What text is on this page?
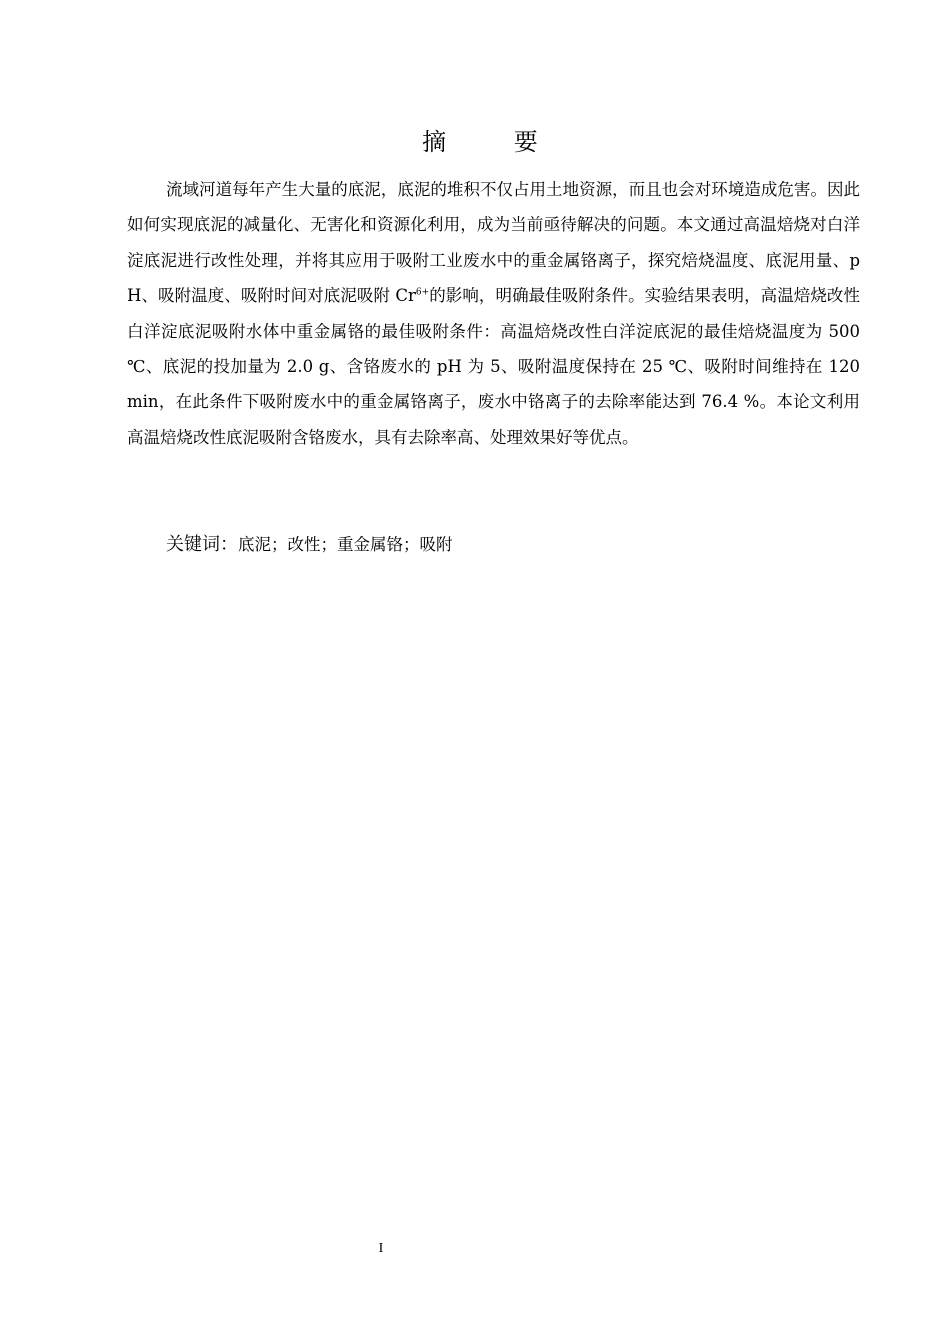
摘 要

流域河道每年产生大量的底泥，底泥的堆积不仅占用土地资源，而且也会对环境造成危害。因此如何实现底泥的减量化、无害化和资源化利用，成为当前亟待解决的问题。本文通过高温焙烧对白洋淀底泥进行改性处理，并将其应用于吸附工业废水中的重金属铬离子，探究焙烧温度、底泥用量、pH、吸附温度、吸附时间对底泥吸附 $Cr^{6+}$的影响，明确最佳吸附条件。实验结果表明，高温焙烧改性白洋淀底泥吸附水体中重金属铬的最佳吸附条件：高温焙烧改性白洋淀底泥的最佳焙烧温度为 500 ℃、底泥的投加量为 2.0 g、含铬废水的 pH 为 5、吸附温度保持在 25 ℃、吸附时间维持在 120 min，在此条件下吸附废水中的重金属铬离子，废水中铬离子的去除率能达到 76.4 %。本论文利用高温焙烧改性底泥吸附含铬废水，具有去除率高、处理效果好等优点。

关键词：底泥；改性；重金属铬；吸附
I
